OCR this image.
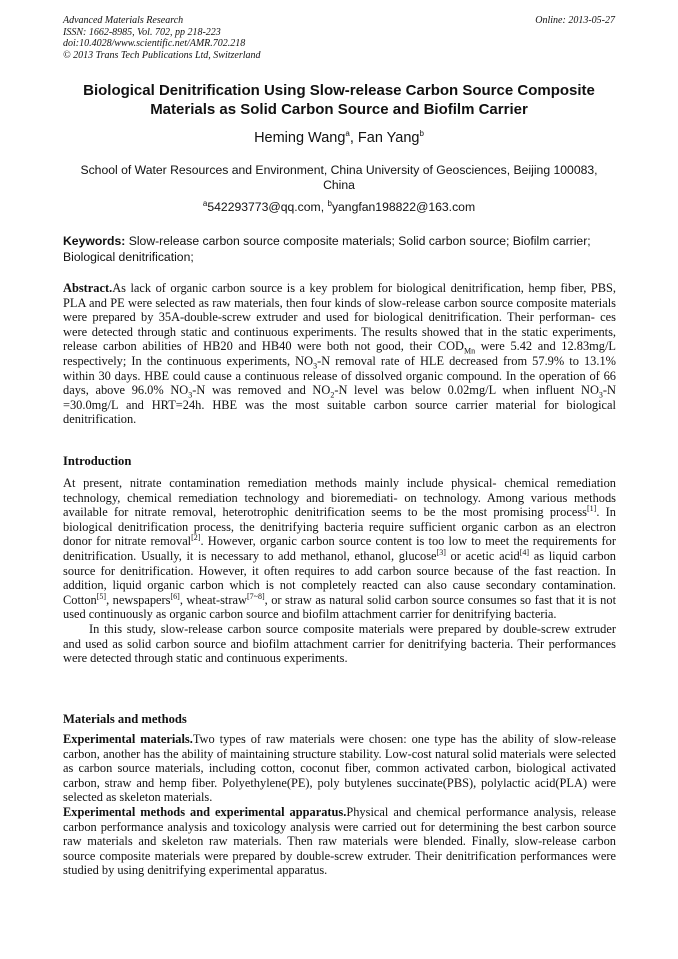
Advanced Materials Research
ISSN: 1662-8985, Vol. 702, pp 218-223
doi:10.4028/www.scientific.net/AMR.702.218
© 2013 Trans Tech Publications Ltd, Switzerland
Online: 2013-05-27
Biological Denitrification Using Slow-release Carbon Source Composite Materials as Solid Carbon Source and Biofilm Carrier
Heming Wang$^a$, Fan Yang$^b$
School of Water Resources and Environment, China University of Geosciences, Beijing 100083, China
$^a$542293773@qq.com, $^b$yangfan198822@163.com
Keywords: Slow-release carbon source composite materials; Solid carbon source; Biofilm carrier; Biological denitrification;
Abstract.As lack of organic carbon source is a key problem for biological denitrification, hemp fiber, PBS, PLA and PE were selected as raw materials, then four kinds of slow-release carbon source composite materials were prepared by 35A-double-screw extruder and used for biological denitrification. Their performan- ces were detected through static and continuous experiments. The results showed that in the static experiments, release carbon abilities of HB20 and HB40 were both not good, their $COD_{Mn}$ were 5.42 and 12.83mg/L respectively; In the continuous experiments, $NO_3-N$ removal rate of HLE decreased from 57.9% to 13.1% within 30 days. HBE could cause a continuous release of dissolved organic compound. In the operation of 66 days, above 96.0% $NO_3-N$ was removed and $NO_2-N$ level was below 0.02mg/L when influent $NO_3-N =30.0mg/L$ and HRT=24h. HBE was the most suitable carbon source carrier material for biological denitrification.
Introduction

At present, nitrate contamination remediation methods mainly include physical- chemical remediation technology, chemical remediation technology and bioremediati- on technology. Among various methods available for nitrate removal, heterotrophic denitrification seems to be the most promising process[1]. In biological denitrification process, the denitrifying bacteria require sufficient organic carbon as an electron donor for nitrate removal[2]. However, organic carbon source content is too low to meet the requirements for denitrification. Usually, it is necessary to add methanol, ethanol, glucose[3] or acetic acid[4] as liquid carbon source for denitrification. However, it often requires to add carbon source because of the fast reaction. In addition, liquid organic carbon which is not completely reacted can also cause secondary contamination. Cotton[5], newspapers[6], wheat-straw[7~8], or straw as natural solid carbon source consumes so fast that it is not used continuously as organic carbon source and biofilm attachment carrier for denitrifying bacteria.

In this study, slow-release carbon source composite materials were prepared by double-screw extruder and used as solid carbon source and biofilm attachment carrier for denitrifying bacteria. Their performances were detected through static and continuous experiments.

Materials and methods

Experimental materials.Two types of raw materials were chosen: one type has the ability of slow-release carbon, another has the ability of maintaining structure stability. Low-cost natural solid materials were selected as carbon source materials, including cotton, coconut fiber, common activated carbon, biological activated carbon, straw and hemp fiber. Polyethylene(PE), poly butylenes succinate(PBS), polylactic acid(PLA) were selected as skeleton materials.

Experimental methods and experimental apparatus.Physical and chemical performance analysis, release carbon performance analysis and toxicology analysis were carried out for determining the best carbon source raw materials and skeleton raw materials. Then raw materials were blended. Finally, slow-release carbon source composite materials were prepared by double-screw extruder. Their denitrification performances were studied by using denitrifying experimental apparatus.
